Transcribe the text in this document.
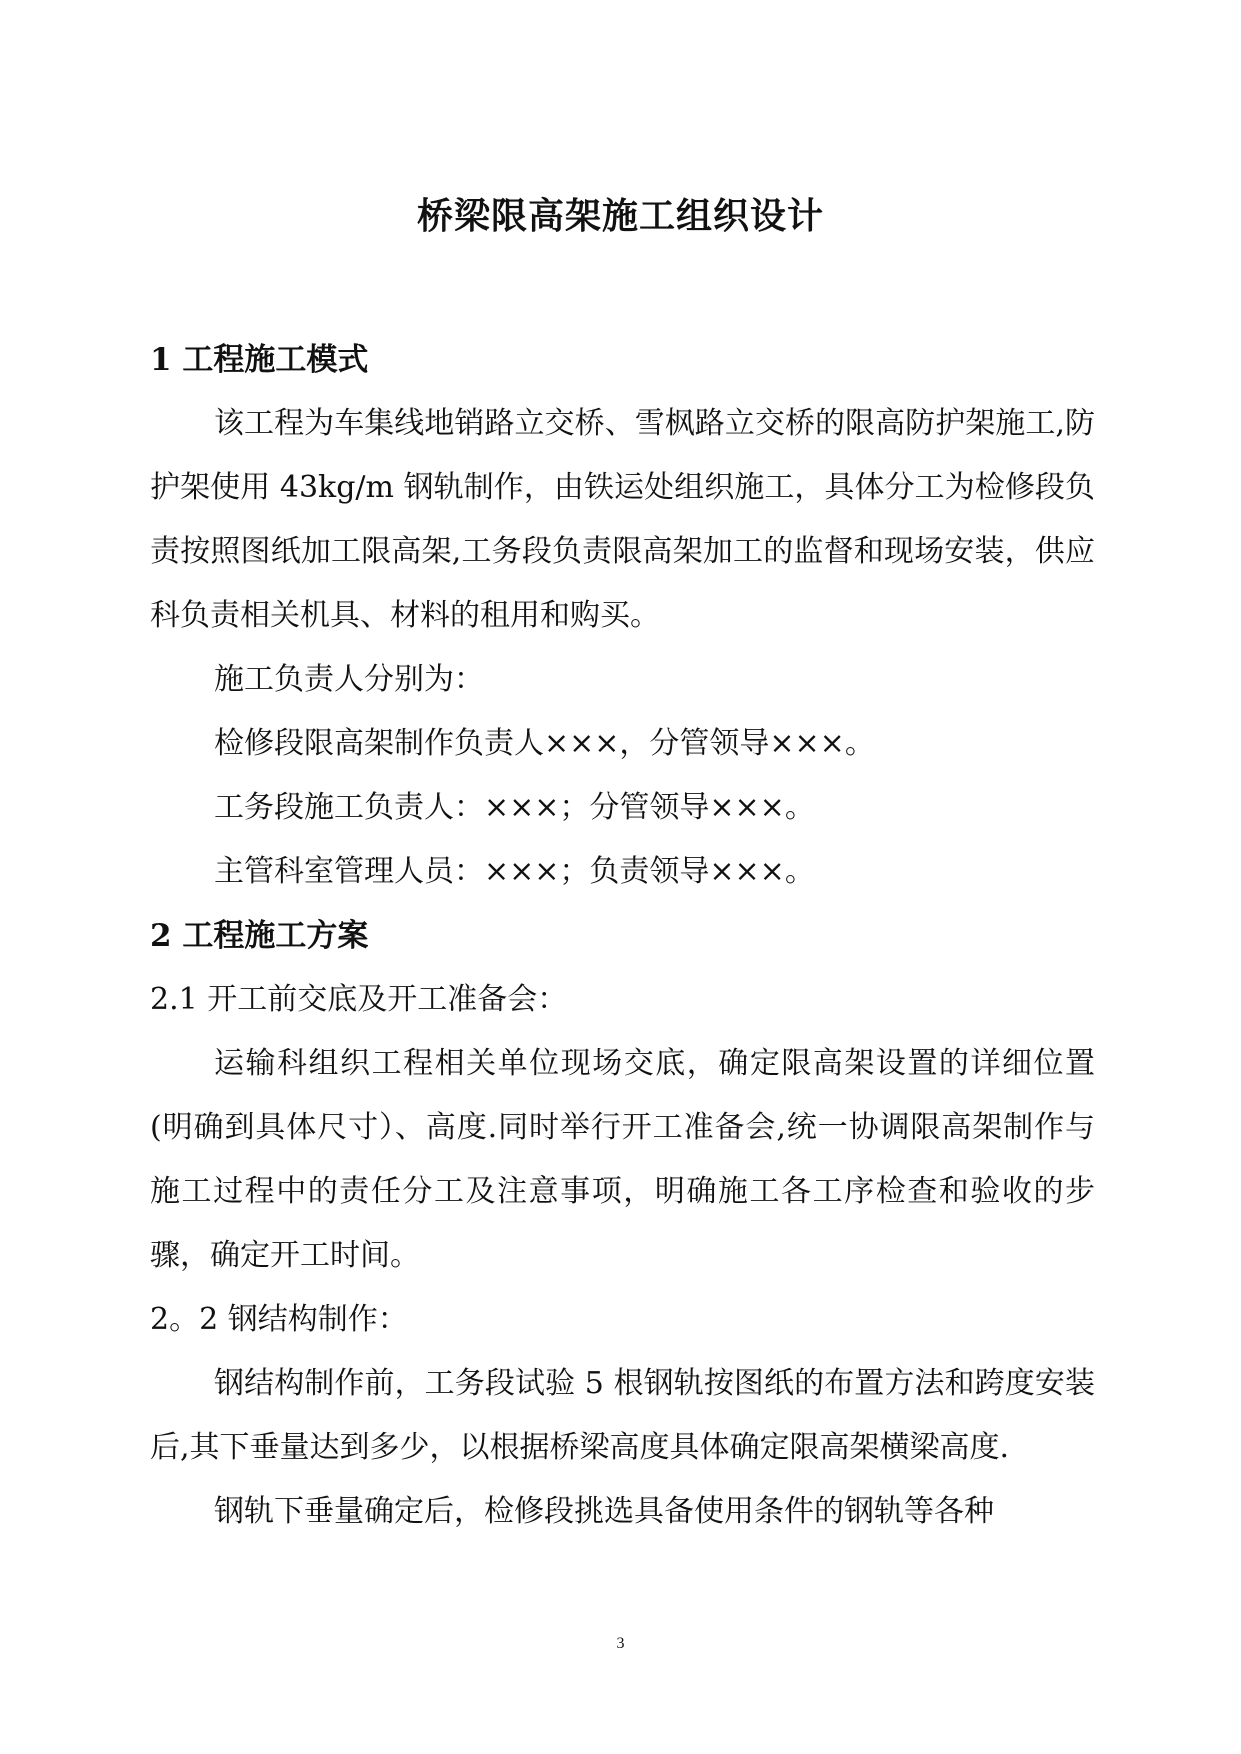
桥梁限高架施工组织设计
1 工程施工模式

该工程为车集线地销路立交桥、雪枫路立交桥的限高防护架施工,防护架使用 43kg/m 钢轨制作，由铁运处组织施工，具体分工为检修段负责按照图纸加工限高架,工务段负责限高架加工的监督和现场安装，供应科负责相关机具、材料的租用和购买。

施工负责人分别为：

检修段限高架制作负责人×××，分管领导×××。

工务段施工负责人：×××；分管领导×××。

主管科室管理人员：×××；负责领导×××。

2 工程施工方案
2.1 开工前交底及开工准备会：

运输科组织工程相关单位现场交底，确定限高架设置的详细位置(明确到具体尺寸）、高度.同时举行开工准备会,统一协调限高架制作与施工过程中的责任分工及注意事项，明确施工各工序检查和验收的步骤，确定开工时间。

2。2 钢结构制作：

钢结构制作前，工务段试验 5 根钢轨按图纸的布置方法和跨度安装后,其下垂量达到多少，以根据桥梁高度具体确定限高架横梁高度.

钢轨下垂量确定后，检修段挑选具备使用条件的钢轨等各种

3
